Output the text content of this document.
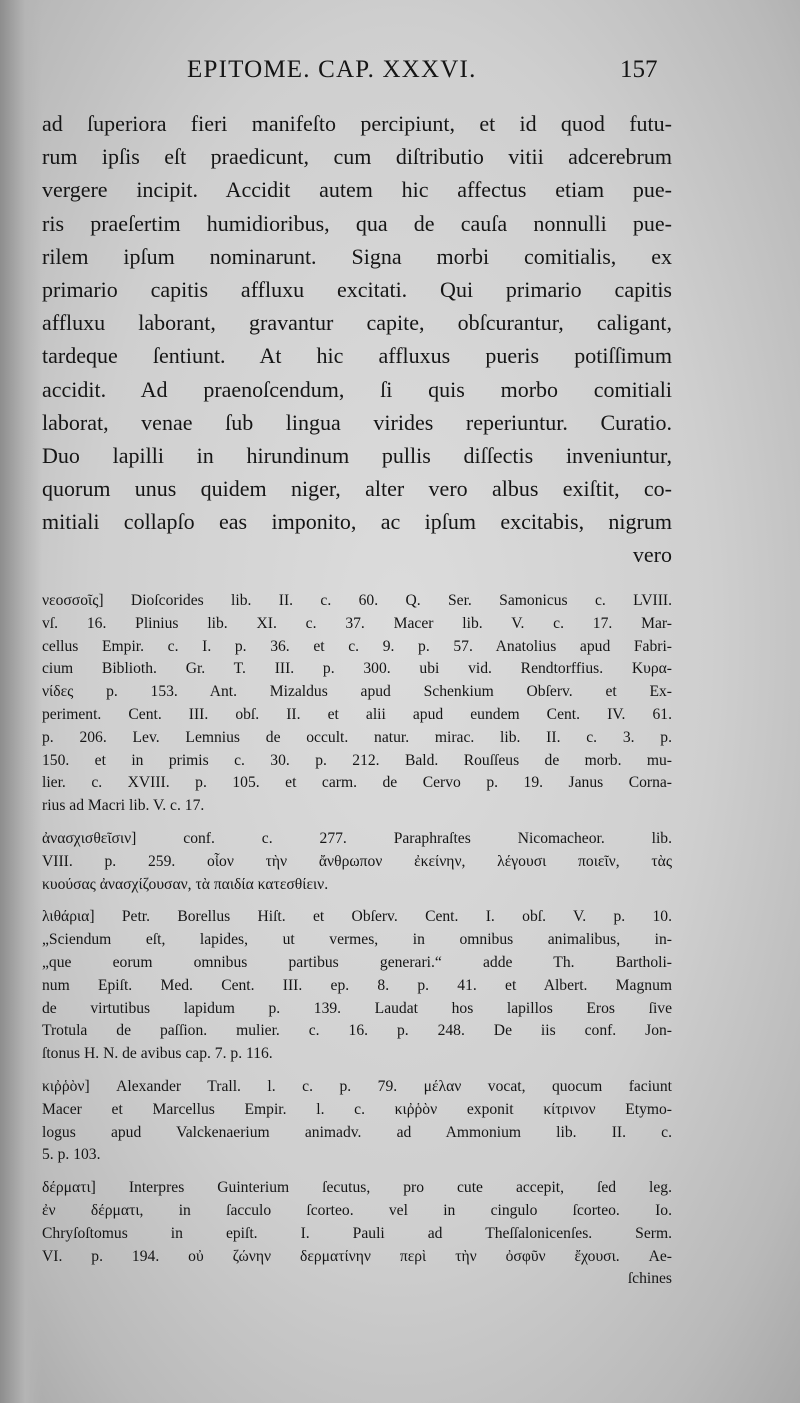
EPITOME. CAP. XXXVI.	157
ad ſuperiora fieri manifeſto percipiunt, et id quod futu-
rum ipſis eſt praedicunt, cum diſtributio vitii adcerebrum
vergere incipit. Accidit autem hic affectus etiam pue-
ris praeſertim humidioribus, qua de cauſa nonnulli pue-
rilem ipſum nominarunt. Signa morbi comitialis, ex
primario capitis affluxu excitati. Qui primario capitis
affluxu laborant, gravantur capite, obſcurantur, caligant,
tardeque ſentiunt. At hic affluxus pueris potiſſimum
accidit. Ad praenoſcendum, ſi quis morbo comitiali
laborat, venae ſub lingua virides reperiuntur. Curatio.
Duo lapilli in hirundinum pullis diſſectis inveniuntur,
quorum unus quidem niger, alter vero albus exiſtit, co-
mitiali collapſo eas imponito, ac ipſum excitabis, nigrum
vero
νεοσσοῖς] Dioſcorides lib. II. c. 60. Q. Ser. Samonicus c. LVIII.
vſ. 16. Plinius lib. XI. c. 37. Macer lib. V. c. 17. Mar-
cellus Empir. c. I. p. 36. et c. 9. p. 57. Anatolius apud Fabri-
cium Biblioth. Gr. T. III. p. 300. ubi vid. Rendtorffius. Κυρα-
νίδες p. 153. Ant. Mizaldus apud Schenkium Obſerv. et Ex-
periment. Cent. III. obſ. II. et alii apud eundem Cent. IV. 61.
p. 206. Lev. Lemnius de occult. natur. mirac. lib. II. c. 3. p.
150. et in primis c. 30. p. 212. Bald. Rouſſeus de morb. mu-
lier. c. XVIII. p. 105. et carm. de Cervo p. 19. Janus Corna-
rius ad Macri lib. V. c. 17.
ἀνασχισθεῖσιν] conf. c. 277. Paraphraſtes Nicomacheor. lib.
VIII. p. 259. οἷον τὴν ἄνθρωπον ἐκείνην, λέγουσι ποιεῖν, τὰς
κυούσας ἀνασχίζουσαν, τὰ παιδία κατεσθίειν.
λιθάρια] Petr. Borellus Hiſt. et Obſerv. Cent. I. obſ. V. p. 10.
„Sciendum eſt, lapides, ut vermes, in omnibus animalibus, in-
„que eorum omnibus partibus generari.“ adde Th. Bartholi-
num Epiſt. Med. Cent. III. ep. 8. p. 41. et Albert. Magnum
de virtutibus lapidum p. 139. Laudat hos lapillos Eros ſive
Trotula de paſſion. mulier. c. 16. p. 248. De iis conf. Jon-
ſtonus H. N. de avibus cap. 7. p. 116.
κιῤῥὸν] Alexander Trall. l. c. p. 79. μέλαν vocat, quocum faciunt
Macer et Marcellus Empir. l. c. κιῤῥὸν exponit κίτρινον Etymo-
logus apud Valckenaerium animadv. ad Ammonium lib. II. c.
5. p. 103.
δέρματι] Interpres Guinterium ſecutus, pro cute accepit, ſed leg.
ἐν δέρματι, in ſacculo ſcorteo. vel in cingulo ſcorteo. Io.
Chryſoſtomus in epiſt. I. Pauli ad Theſſalonicenſes. Serm.
VI. p. 194. οὐ ζώνην δερματίνην περὶ τὴν ὀσφῦν ἔχουσι. Ae-
ſchines
